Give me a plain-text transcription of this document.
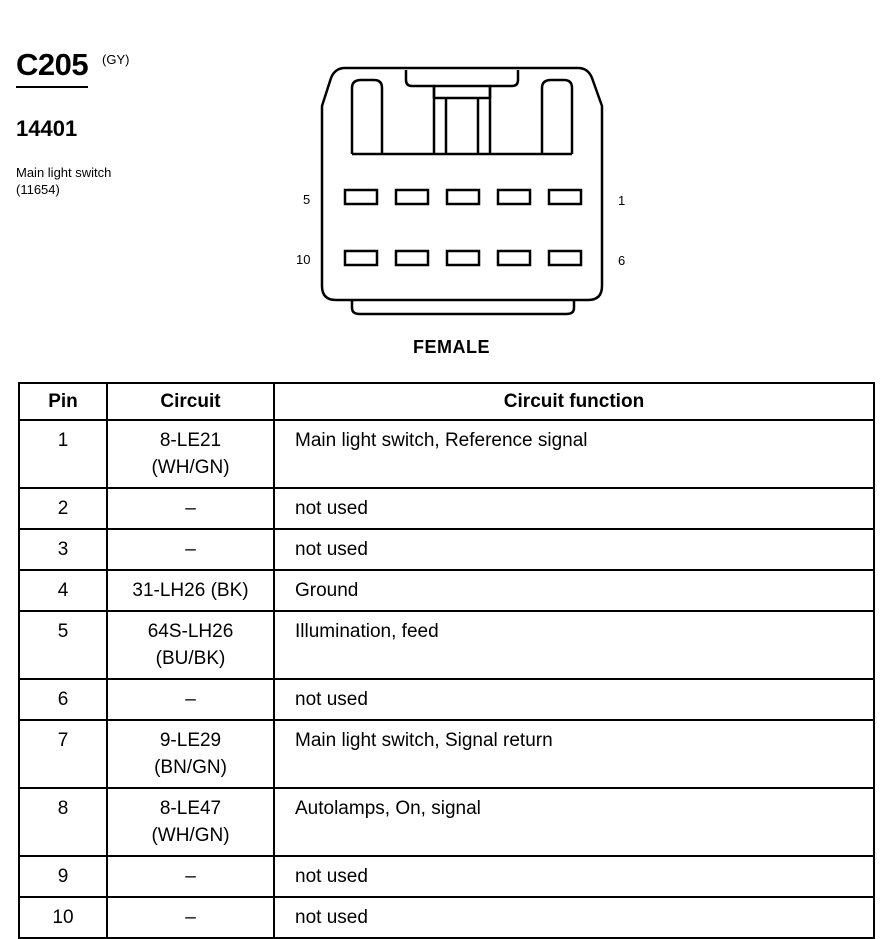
C205 (GY)
14401
Main light switch
(11654)
5	1
10	6
FEMALE
Pin	Circuit	Circuit function

1	8-LE21
(WH/GN)	Main light switch, Reference signal

2	–	not used

3	–	not used

4	31-LH26 (BK)	Ground

5	64S-LH26
(BU/BK)	Illumination, feed

6	–	not used

7	9-LE29
(BN/GN)	Main light switch, Signal return

8	8-LE47
(WH/GN)	Autolamps, On, signal

9	–	not used

10	–	not used
